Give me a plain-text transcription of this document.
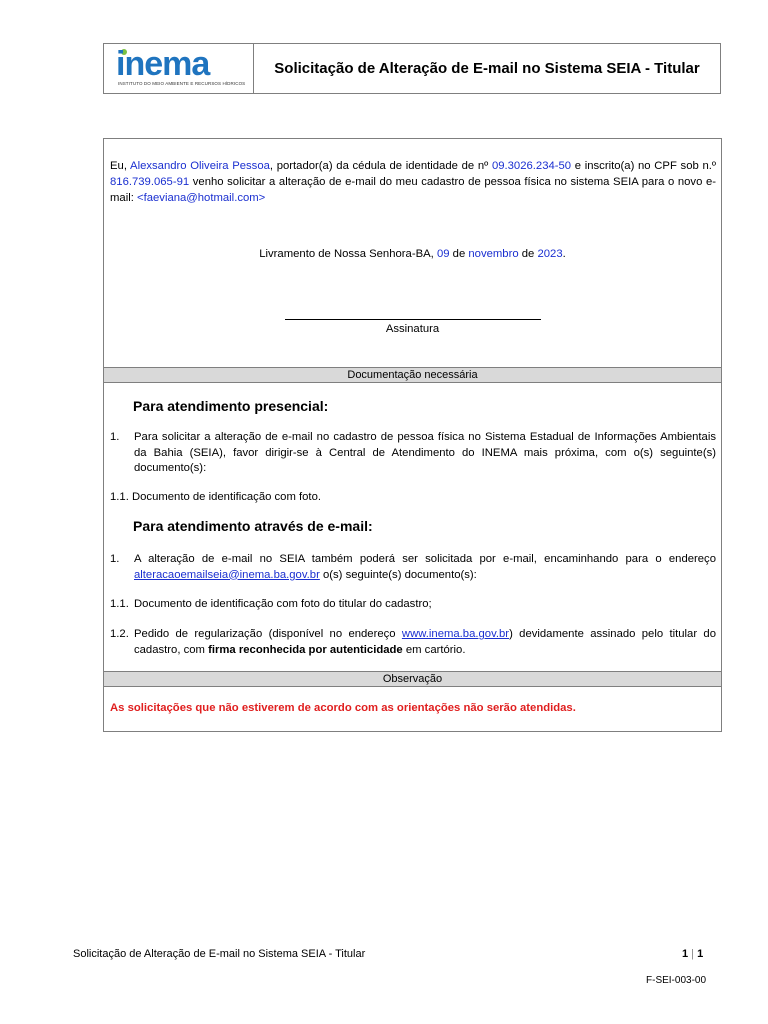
inema
INSTITUTO DO MEIO AMBIENTE E RECURSOS HÍDRICOS
Solicitação de Alteração de E-mail no Sistema SEIA - Titular
Eu, Alexsandro Oliveira Pessoa, portador(a) da cédula de identidade de nº 09.3026.234-50 e inscrito(a) no CPF sob n.º 816.739.065-91 venho solicitar a alteração de e-mail do meu cadastro de pessoa física no sistema SEIA para o novo e-mail: <faeviana@hotmail.com>
Livramento de Nossa Senhora-BA, 09 de novembro de 2023.
Assinatura
Documentação necessária
Para atendimento presencial:
1.	Para solicitar a alteração de e-mail no cadastro de pessoa física no Sistema Estadual de Informações Ambientais da Bahia (SEIA), favor dirigir-se à Central de Atendimento do INEMA mais próxima, com o(s) seguinte(s) documento(s):
1.1. Documento de identificação com foto.
Para atendimento através de e-mail:
1.	A alteração de e-mail no SEIA também poderá ser solicitada por e-mail, encaminhando para o endereço alteracaoemailseia@inema.ba.gov.br o(s) seguinte(s) documento(s):
1.1. Documento de identificação com foto do titular do cadastro;
1.2. Pedido de regularização (disponível no endereço www.inema.ba.gov.br) devidamente assinado pelo titular do cadastro, com firma reconhecida por autenticidade em cartório.
Observação
As solicitações que não estiverem de acordo com as orientações não serão atendidas.
Solicitação de Alteração de E-mail no Sistema SEIA - Titular	1 | 1
F-SEI-003-00
